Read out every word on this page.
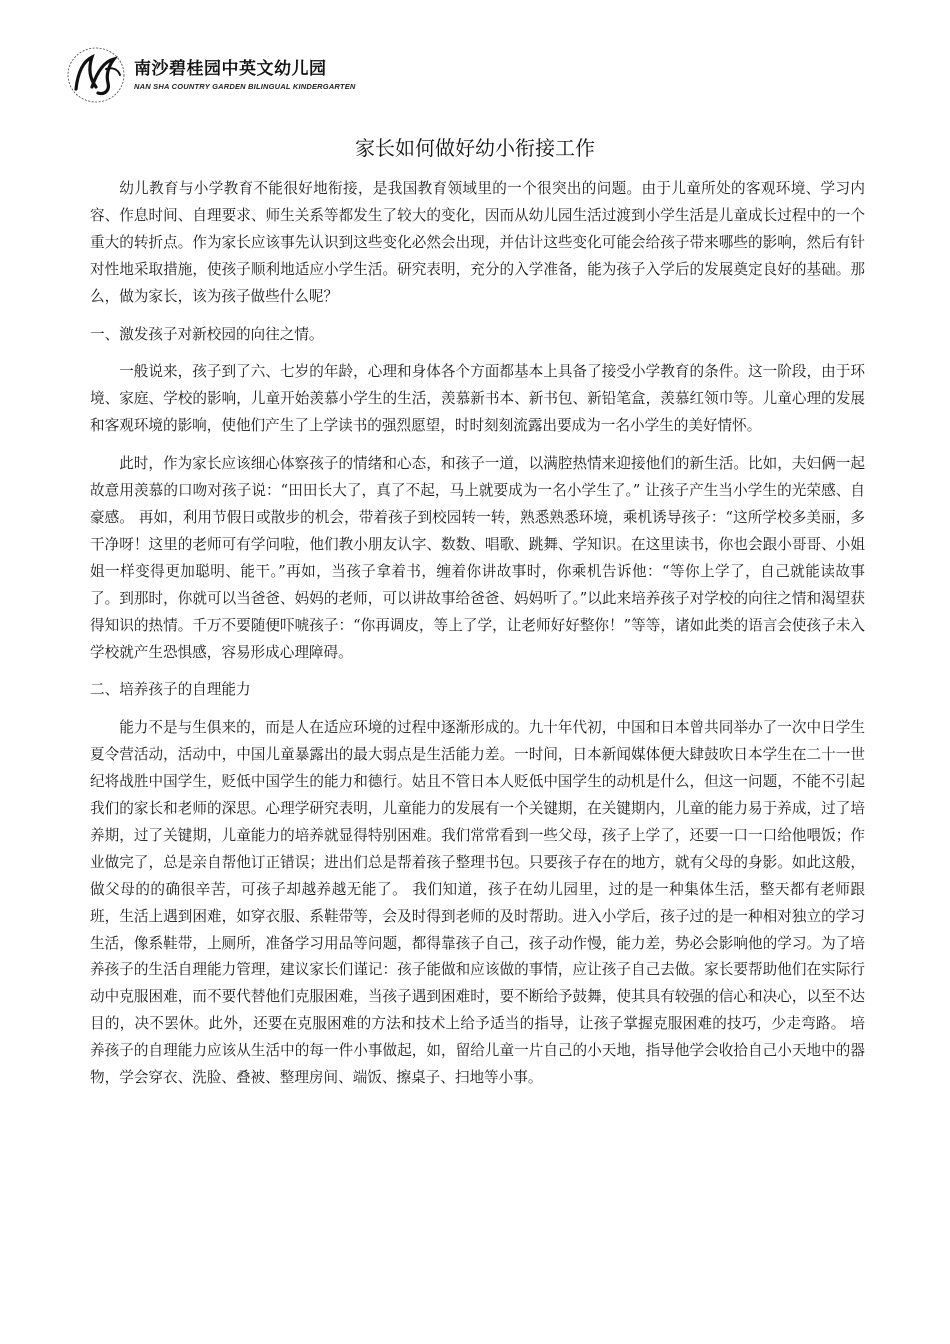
南沙碧桂园中英文幼儿园
NAN SHA COUNTRY GARDEN BILINGUAL KINDERGARTEN
家长如何做好幼小衔接工作

幼儿教育与小学教育不能很好地衔接，是我国教育领域里的一个很突出的问题。由于儿童所处的客观环境、学习内容、作息时间、自理要求、师生关系等都发生了较大的变化，因而从幼儿园生活过渡到小学生活是儿童成长过程中的一个重大的转折点。作为家长应该事先认识到这些变化必然会出现，并估计这些变化可能会给孩子带来哪些的影响，然后有针对性地采取措施，使孩子顺利地适应小学生活。研究表明，充分的入学准备，能为孩子入学后的发展奠定良好的基础。那么，做为家长，该为孩子做些什么呢？

一、激发孩子对新校园的向往之情。

一般说来，孩子到了六、七岁的年龄，心理和身体各个方面都基本上具备了接受小学教育的条件。这一阶段，由于环境、家庭、学校的影响，儿童开始羡慕小学生的生活，羡慕新书本、新书包、新铅笔盒，羡慕红领巾等。儿童心理的发展和客观环境的影响，使他们产生了上学读书的强烈愿望，时时刻刻流露出要成为一名小学生的美好情怀。

此时，作为家长应该细心体察孩子的情绪和心态，和孩子一道，以满腔热情来迎接他们的新生活。比如，夫妇俩一起故意用羡慕的口吻对孩子说：“田田长大了，真了不起，马上就要成为一名小学生了。” 让孩子产生当小学生的光荣感、自豪感。 再如，利用节假日或散步的机会，带着孩子到校园转一转，熟悉熟悉环境，乘机诱导孩子：“这所学校多美丽，多干净呀！这里的老师可有学问啦，他们教小朋友认字、数数、唱歌、跳舞、学知识。在这里读书，你也会跟小哥哥、小姐姐一样变得更加聪明、能干。”再如，当孩子拿着书，缠着你讲故事时，你乘机告诉他：“等你上学了，自己就能读故事了。到那时，你就可以当爸爸、妈妈的老师，可以讲故事给爸爸、妈妈听了。”以此来培养孩子对学校的向往之情和渴望获得知识的热情。千万不要随便吓唬孩子：“你再调皮，等上了学，让老师好好整你！”等等，诸如此类的语言会使孩子未入学校就产生恐惧感，容易形成心理障碍。

二、培养孩子的自理能力

能力不是与生俱来的，而是人在适应环境的过程中逐渐形成的。九十年代初，中国和日本曾共同举办了一次中日学生夏令营活动，活动中，中国儿童暴露出的最大弱点是生活能力差。一时间，日本新闻媒体便大肆鼓吹日本学生在二十一世纪将战胜中国学生，贬低中国学生的能力和德行。姑且不管日本人贬低中国学生的动机是什么，但这一问题，不能不引起我们的家长和老师的深思。心理学研究表明，儿童能力的发展有一个关键期，在关键期内，儿童的能力易于养成，过了培养期，过了关键期，儿童能力的培养就显得特别困难。我们常常看到一些父母，孩子上学了，还要一口一口给他喂饭；作业做完了，总是亲自帮他订正错误；进出们总是帮着孩子整理书包。只要孩子存在的地方，就有父母的身影。如此这般，做父母的的确很辛苦，可孩子却越养越无能了。 我们知道，孩子在幼儿园里，过的是一种集体生活，整天都有老师跟班，生活上遇到困难，如穿衣服、系鞋带等，会及时得到老师的及时帮助。进入小学后，孩子过的是一种相对独立的学习生活，像系鞋带，上厕所，准备学习用品等问题，都得靠孩子自己，孩子动作慢，能力差，势必会影响他的学习。为了培养孩子的生活自理能力管理，建议家长们谨记：孩子能做和应该做的事情，应让孩子自己去做。家长要帮助他们在实际行动中克服困难，而不要代替他们克服困难，当孩子遇到困难时，要不断给予鼓舞，使其具有较强的信心和决心，以至不达目的，决不罢休。此外，还要在克服困难的方法和技术上给予适当的指导，让孩子掌握克服困难的技巧，少走弯路。 培养孩子的自理能力应该从生活中的每一件小事做起，如，留给儿童一片自己的小天地，指导他学会收拾自己小天地中的器物，学会穿衣、洗脸、叠被、整理房间、端饭、擦桌子、扫地等小事。
